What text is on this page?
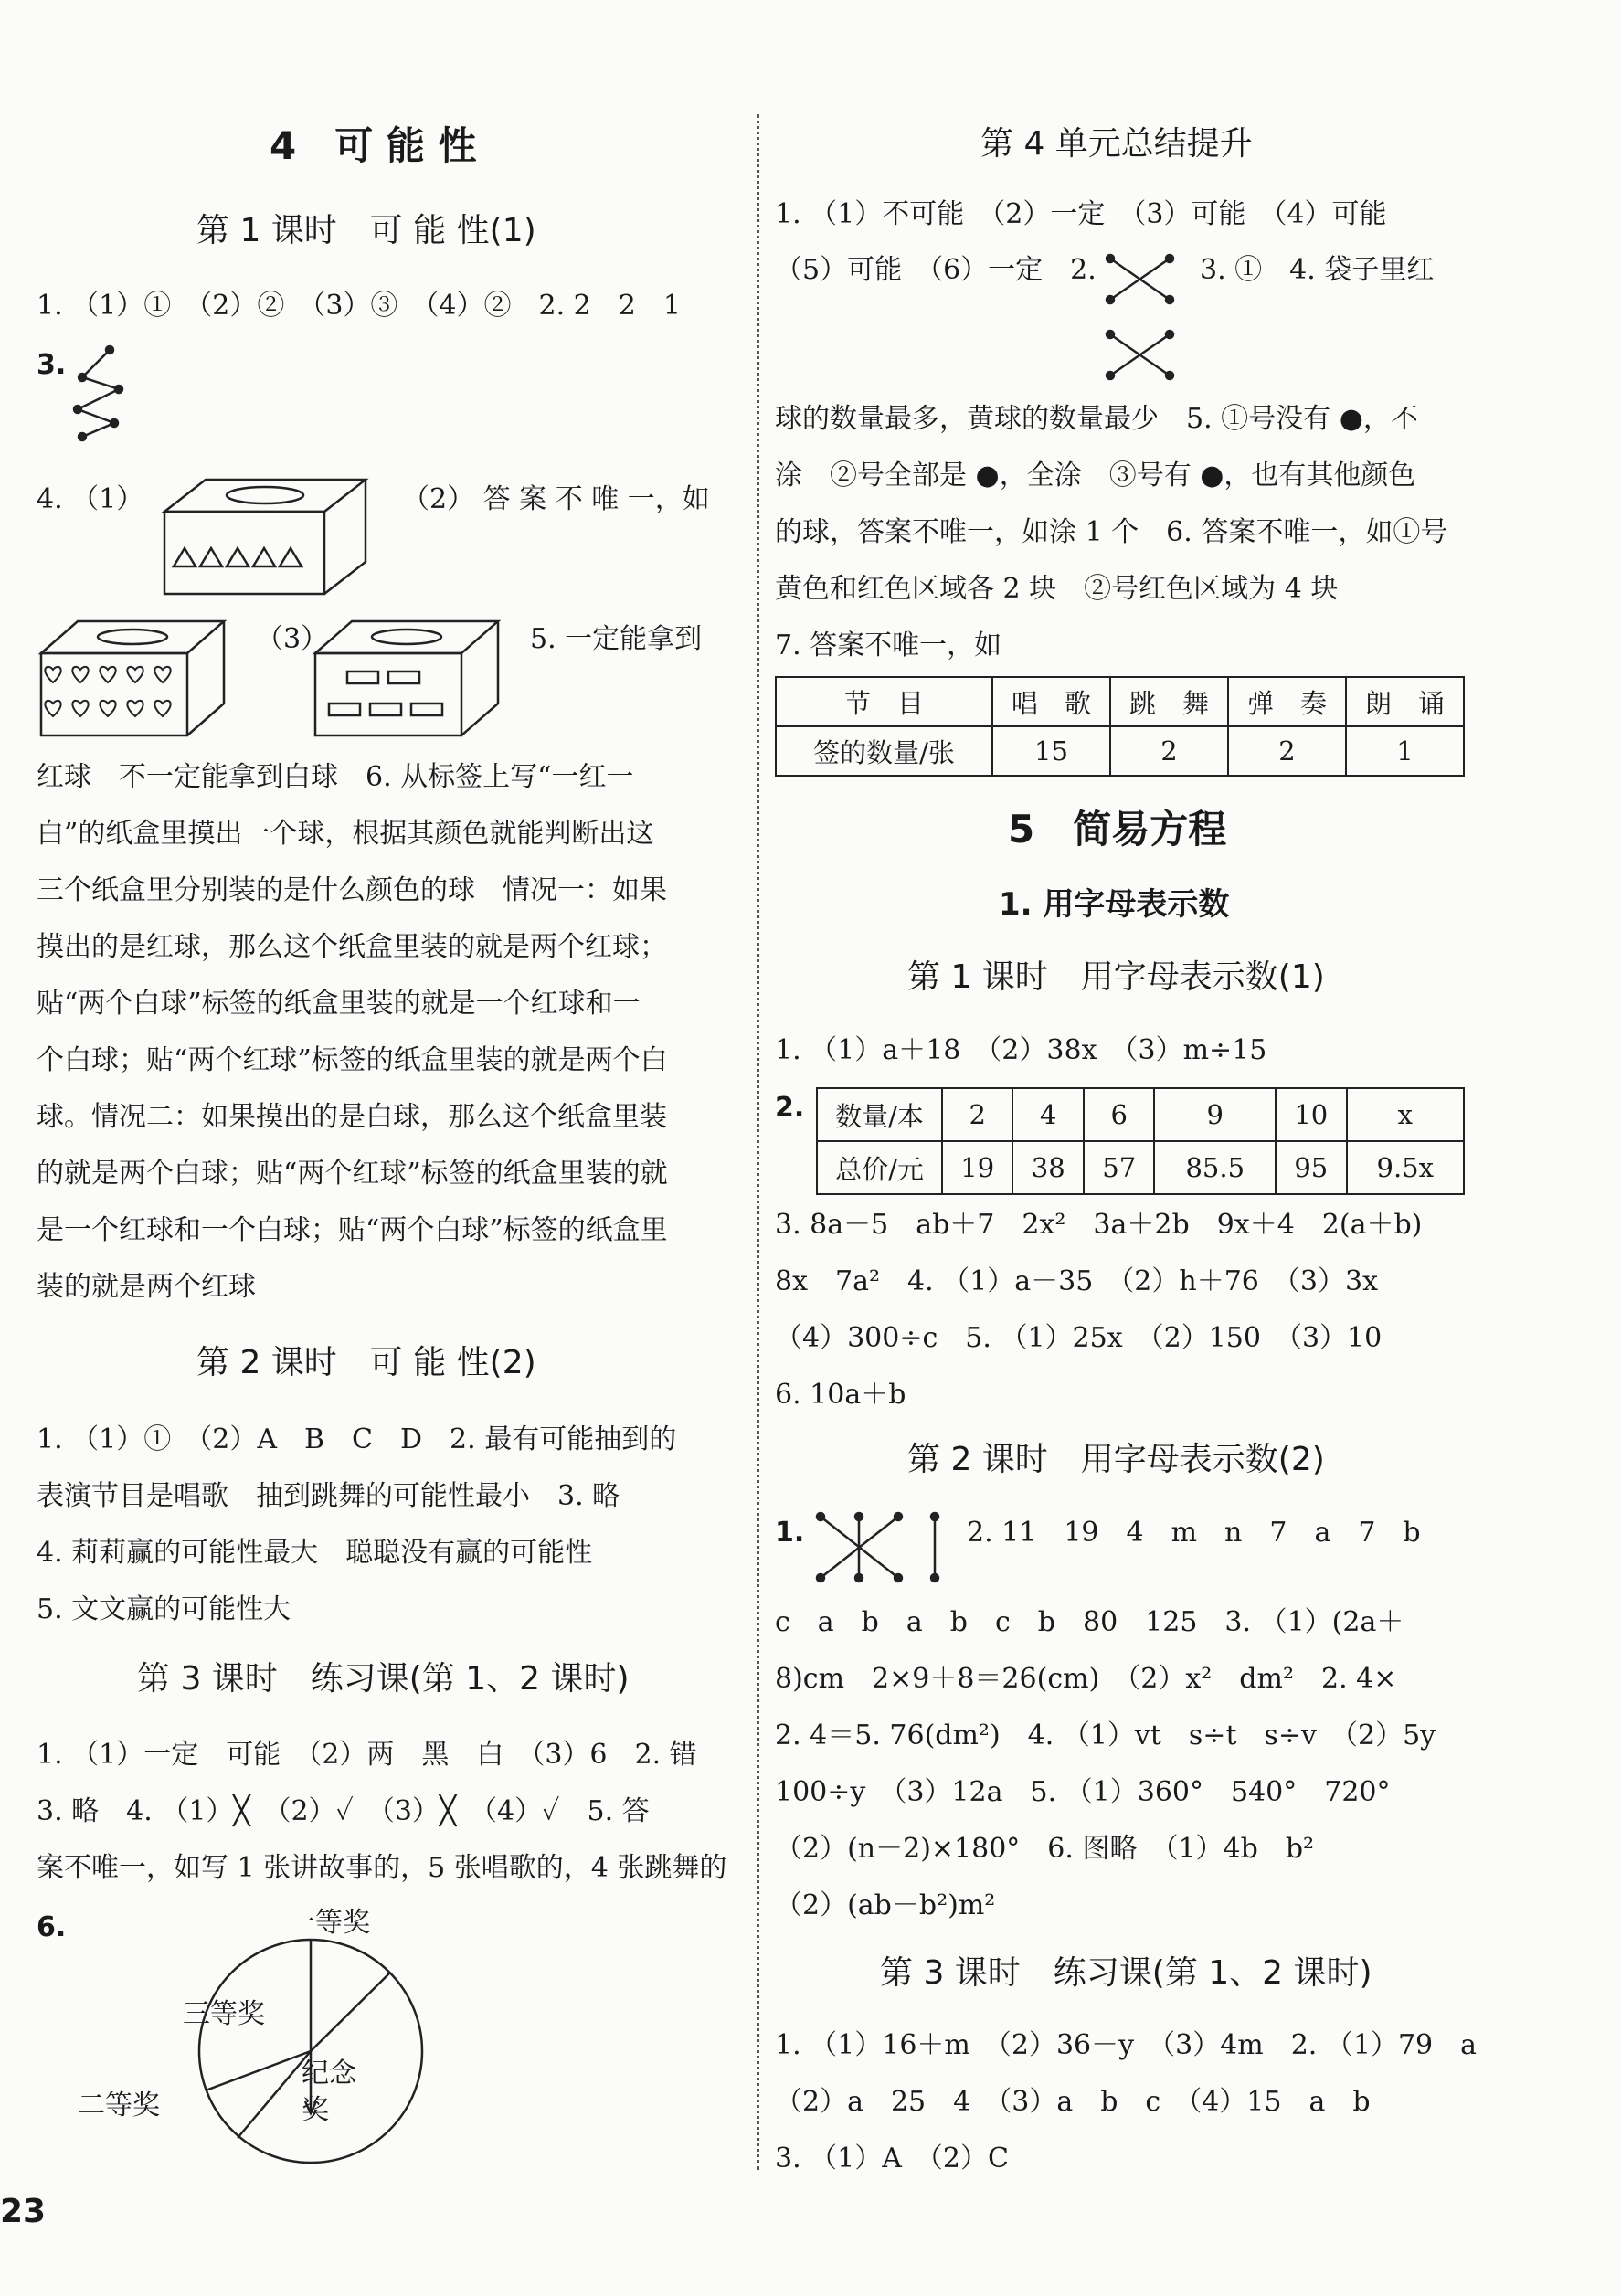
4　可 能 性
第 1 课时　可 能 性(1)
1. （1）①　（2）②　（3）③　（4）②　2. 2　2　1
3.
4. （1）	（2） 答 案 不 唯 一，如
（3）	5. 一定能拿到
红球　不一定能拿到白球　6. 从标签上写“一红一
白”的纸盒里摸出一个球，根据其颜色就能判断出这
三个纸盒里分别装的是什么颜色的球　情况一：如果
摸出的是红球，那么这个纸盒里装的就是两个红球；
贴“两个白球”标签的纸盒里装的就是一个红球和一
个白球；贴“两个红球”标签的纸盒里装的就是两个白
球。情况二：如果摸出的是白球，那么这个纸盒里装
的就是两个白球；贴“两个红球”标签的纸盒里装的就
是一个红球和一个白球；贴“两个白球”标签的纸盒里
装的就是两个红球
第 2 课时　可 能 性(2)
1. （1）①　（2）A　B　C　D　2. 最有可能抽到的
表演节目是唱歌　抽到跳舞的可能性最小　3. 略
4. 莉莉赢的可能性最大　聪聪没有赢的可能性
5. 文文赢的可能性大
第 3 课时　练习课(第 1、2 课时)
1. （1）一定　可能　（2）两　黑　白　（3）6　2. 错
3. 略　4. （1）╳　（2）✓　（3）╳　（4）✓　5. 答
案不唯一，如写 1 张讲故事的，5 张唱歌的，4 张跳舞的
6.	一等奖
三等奖
二等奖
纪念
奖
23
第 4 单元总结提升
1. （1）不可能　（2）一定　（3）可能　（4）可能
（5）可能　（6）一定　2.	3. ①　4. 袋子里红
球的数量最多，黄球的数量最少　5. ①号没有 ●，不
涂　②号全部是 ●，全涂　③号有 ●，也有其他颜色
的球，答案不唯一，如涂 1 个　6. 答案不唯一，如①号
黄色和红色区域各 2 块　②号红色区域为 4 块
7. 答案不唯一，如
节　目	唱　歌	跳　舞	弹　奏	朗　诵
签的数量/张	15	2	2	1
5　简易方程
1. 用字母表示数
第 1 课时　用字母表示数(1)
1. （1）a＋18　（2）38x　（3）m÷15
2. 数量/本	2	4	6	9	10	x
总价/元	19	38	57	85.5	95	9.5x
3. 8a－5　ab＋7　2x²　3a＋2b　9x＋4　2(a＋b)
8x　7a²　4. （1）a－35　（2）h＋76　（3）3x
（4）300÷c　5. （1）25x　（2）150　（3）10
6. 10a＋b
第 2 课时　用字母表示数(2)
1.	2. 11　19　4　m　n　7　a　7　b
c　a　b　a　b　c　b　80　125　3. （1）(2a＋
8)cm　2×9＋8＝26(cm)　（2）x²　dm²　2. 4×
2. 4＝5. 76(dm²)　4. （1）vt　s÷t　s÷v　（2）5y
100÷y　（3）12a　5. （1）360°　540°　720°
（2）(n－2)×180°　6. 图略　（1）4b　b²
（2）(ab－b²)m²
第 3 课时　练习课(第 1、2 课时)
1. （1）16＋m　（2）36－y　（3）4m　2. （1）79　a
（2）a　25　4　（3）a　b　c　（4）15　a　b
3. （1）A　（2）C
